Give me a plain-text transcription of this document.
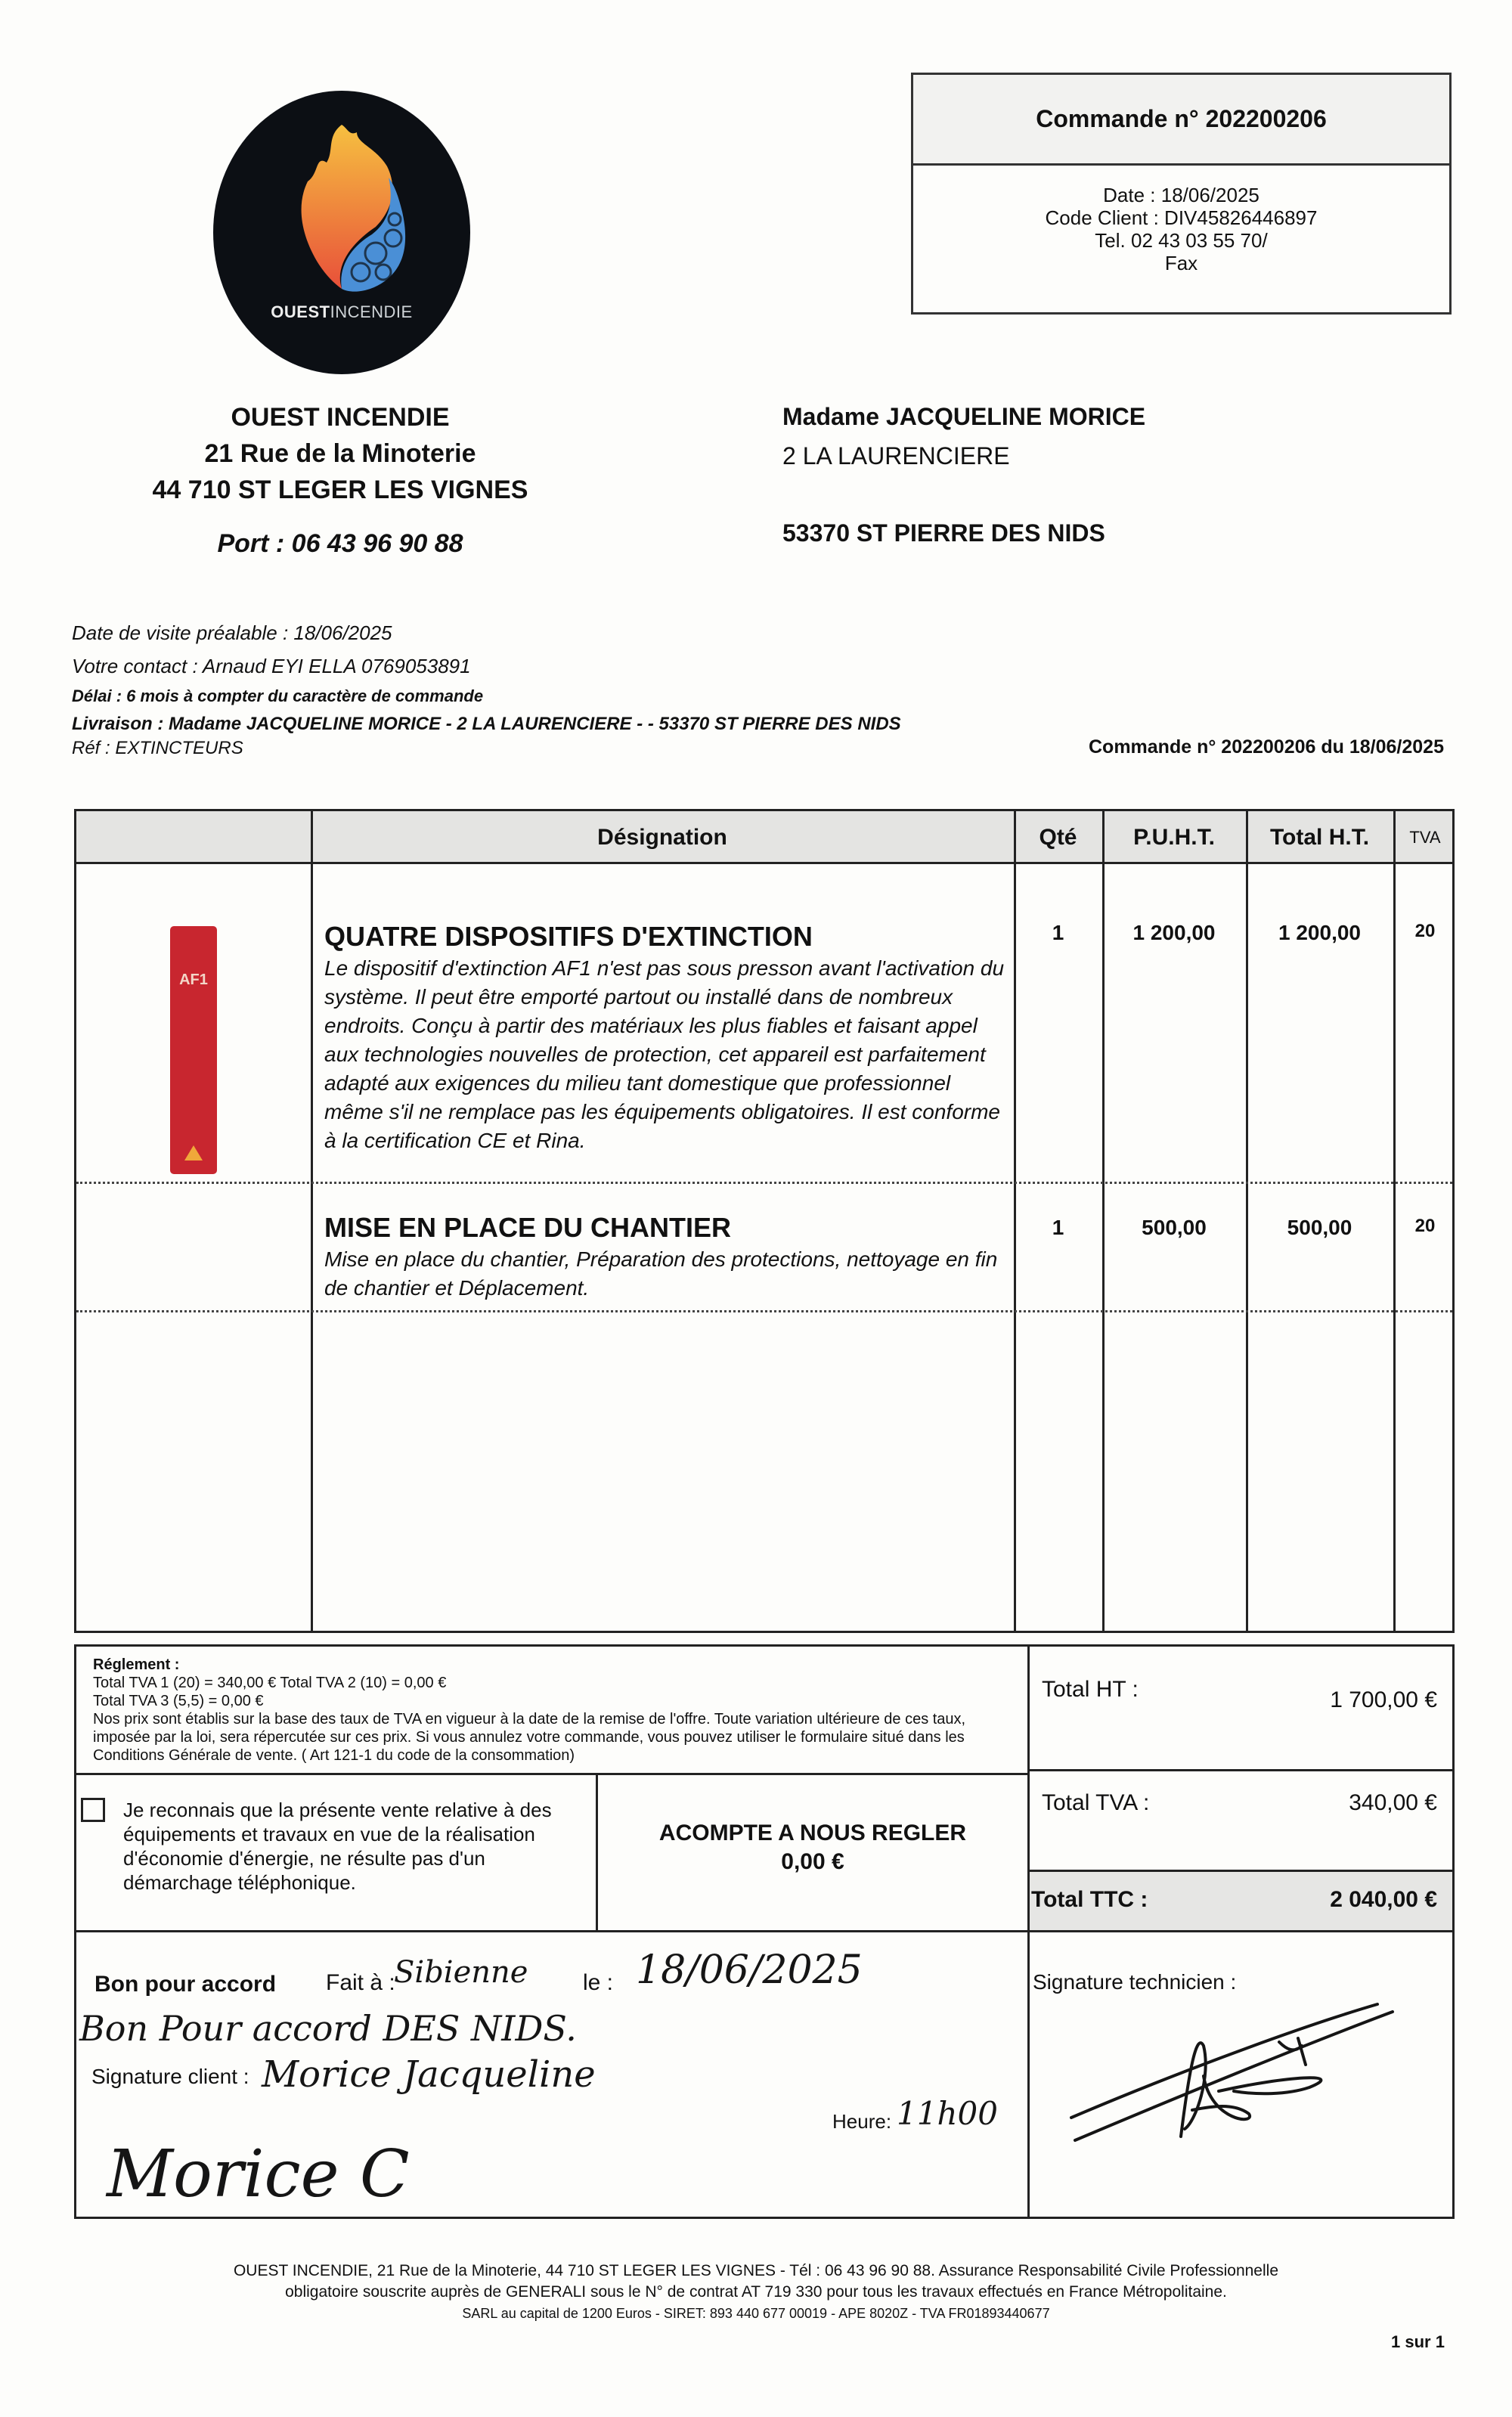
OUESTINCENDIE
OUEST INCENDIE
21 Rue de la Minoterie
44 710 ST LEGER LES VIGNES
Port : 06 43 96 90 88
Commande n° 202200206
Date : 18/06/2025
Code Client : DIV45826446897
Tel. 02 43 03 55 70/
Fax
Madame JACQUELINE MORICE
2 LA LAURENCIERE
53370 ST PIERRE DES NIDS
Date de visite préalable : 18/06/2025
Votre contact : Arnaud EYI ELLA 0769053891
Délai : 6 mois à compter du caractère de commande
Livraison : Madame JACQUELINE MORICE - 2 LA LAURENCIERE - - 53370 ST PIERRE DES NIDS
Réf : EXTINCTEURS	Commande n° 202200206 du 18/06/2025
Désignation	Qté	P.U.H.T.	Total H.T.	TVA
QUATRE DISPOSITIFS D'EXTINCTION
Le dispositif d'extinction AF1 n'est pas sous presson avant l'activation du système. Il peut être emporté partout ou installé dans de nombreux endroits. Conçu à partir des matériaux les plus fiables et faisant appel aux technologies nouvelles de protection, cet appareil est parfaitement adapté aux exigences du milieu tant domestique que professionnel même s'il ne remplace pas les équipements obligatoires. Il est conforme à la certification CE et Rina.
1	1 200,00	1 200,00	20
MISE EN PLACE DU CHANTIER
Mise en place du chantier, Préparation des protections, nettoyage en fin de chantier et Déplacement.
1	500,00	500,00	20
AF1
Réglement :
Total TVA 1 (20) = 340,00 € Total TVA 2 (10) = 0,00 €
Total TVA 3 (5,5) = 0,00 €
Nos prix sont établis sur la base des taux de TVA en vigueur à la date de la remise de l'offre. Toute variation ultérieure de ces taux, imposée par la loi, sera répercutée sur ces prix. Si vous annulez votre commande, vous pouvez utiliser le formulaire situé dans les Conditions Générale de vente. ( Art 121-1 du code de la consommation)
Total HT :	1 700,00 €
Total TVA :	340,00 €
Total TTC :	2 040,00 €
Je reconnais que la présente vente relative à des équipements et travaux en vue de la réalisation d'économie d'énergie, ne résulte pas d'un démarchage téléphonique.
ACOMPTE A NOUS REGLER
0,00 €
Bon pour accord Fait à :
Sibienne le : 18/06/2025
Bon Pour accord DES NIDS.
Signature client : Morice Jacqueline
Heure: 11h00
Morice C
Signature technicien :
OUEST INCENDIE, 21 Rue de la Minoterie, 44 710 ST LEGER LES VIGNES - Tél : 06 43 96 90 88. Assurance Responsabilité Civile Professionnelle
obligatoire souscrite auprès de GENERALI sous le N° de contrat AT 719 330 pour tous les travaux effectués en France Métropolitaine.
SARL au capital de 1200 Euros - SIRET: 893 440 677 00019 - APE 8020Z - TVA FR01893440677
1 sur 1
